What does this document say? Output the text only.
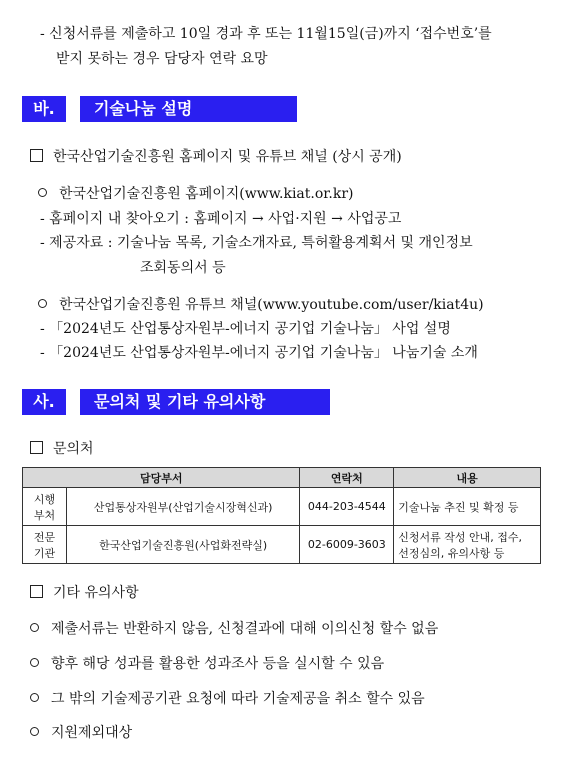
- 신청서류를 제출하고 10일 경과 후 또는 11월15일(금)까지 ‘접수번호’를
받지 못하는 경우 담당자 연락 요망
바.	기술나눔 설명
한국산업기술진흥원 홈페이지 및 유튜브 채널 (상시 공개)
한국산업기술진흥원 홈페이지(www.kiat.or.kr)
- 홈페이지 내 찾아오기 : 홈페이지 → 사업·지원 → 사업공고
- 제공자료 : 기술나눔 목록, 기술소개자료, 특허활용계획서 및 개인정보
조회동의서 등
한국산업기술진흥원 유튜브 채널(www.youtube.com/user/kiat4u)
- 「2024년도 산업통상자원부-에너지 공기업 기술나눔」 사업 설명
- 「2024년도 산업통상자원부-에너지 공기업 기술나눔」 나눔기술 소개
사.	문의처 및 기타 유의사항
문의처
담당부서		연락처	내용
시행
부처	산업통상자원부(산업기술시장혁신과)	044-203-4544	기술나눔 추진 및 확정 등
전문
기관	한국산업기술진흥원(사업화전략실)	02-6009-3603	신청서류 작성 안내, 접수,
선정심의, 유의사항 등
기타 유의사항
제출서류는 반환하지 않음, 신청결과에 대해 이의신청 할수 없음
향후 해당 성과를 활용한 성과조사 등을 실시할 수 있음
그 밖의 기술제공기관 요청에 따라 기술제공을 취소 할수 있음
지원제외대상
